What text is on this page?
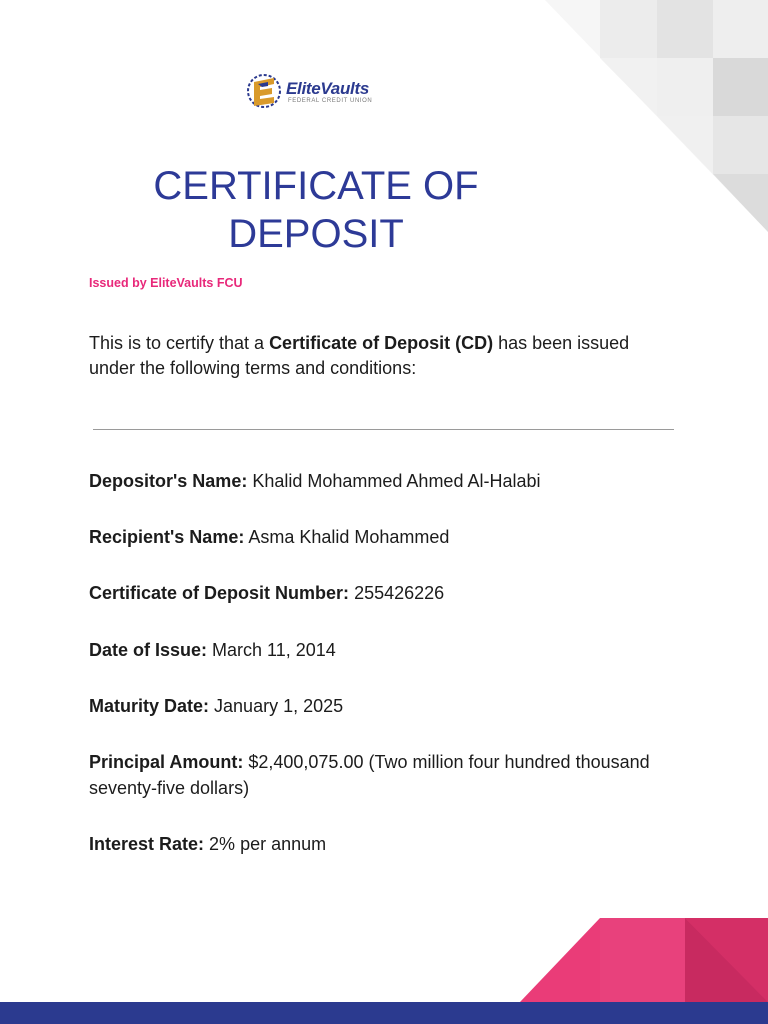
EliteVaults
FEDERAL CREDIT UNION
CERTIFICATE OF DEPOSIT
Issued by EliteVaults FCU

This is to certify that a Certificate of Deposit (CD) has been issued under the following terms and conditions:

Depositor's Name: Khalid Mohammed Ahmed Al-Halabi
Recipient's Name: Asma Khalid Mohammed
Certificate of Deposit Number: 255426226
Date of Issue: March 11, 2014
Maturity Date: January 1, 2025
Principal Amount: $2,400,075.00 (Two million four hundred thousand seventy-five dollars)
Interest Rate: 2% per annum
